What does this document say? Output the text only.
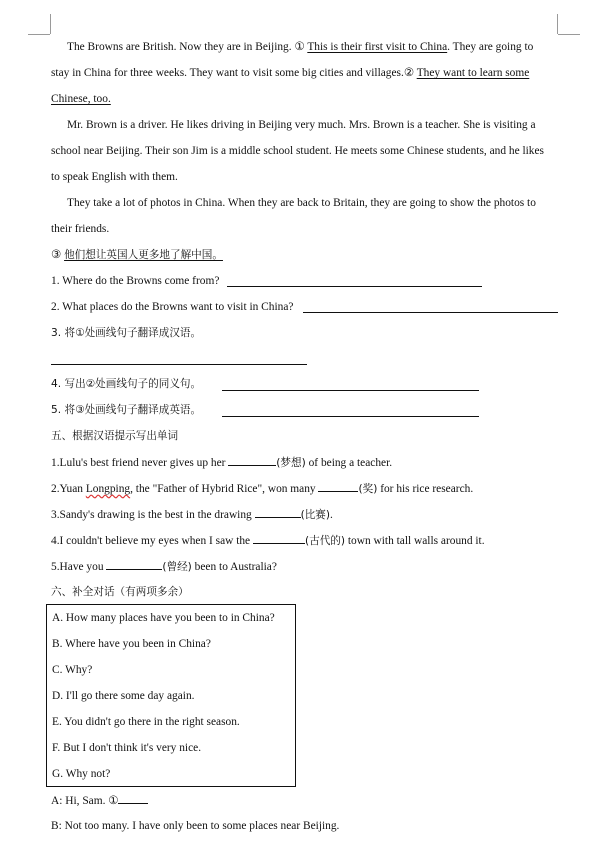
The Browns are British. Now they are in Beijing. ① This is their first visit to China. They are going to
stay in China for three weeks. They want to visit some big cities and villages.② They want to learn some
Chinese, too.
Mr. Brown is a driver. He likes driving in Beijing very much. Mrs. Brown is a teacher. She is visiting a
school near Beijing. Their son Jim is a middle school student. He meets some Chinese students, and he likes
to speak English with them.
They take a lot of photos in China. When they are back to Britain, they are going to show the photos to
their friends.
③ 他们想让英国人更多地了解中国。
1. Where do the Browns come from?
2. What places do the Browns want to visit in China?
3. 将①处画线句子翻译成汉语。
4. 写出②处画线句子的同义句。
5. 将③处画线句子翻译成英语。
五、根据汉语提示写出单词
1.Lulu's best friend never gives up her	(梦想) of being a teacher.
2.Yuan Longping, the "Father of Hybrid Rice", won many	(奖) for his rice research.
3.Sandy's drawing is the best in the drawing	(比赛).
4.I couldn't believe my eyes when I saw the	(古代的) town with tall walls around it.
5.Have you	(曾经) been to Australia?
六、补全对话（有两项多余）
A. How many places have you been to in China?
B. Where have you been in China?
C. Why?
D. I'll go there some day again.
E. You didn't go there in the right season.
F. But I don't think it's very nice.
G. Why not?
A: Hi, Sam. ①
B: Not too many. I have only been to some places near Beijing.
